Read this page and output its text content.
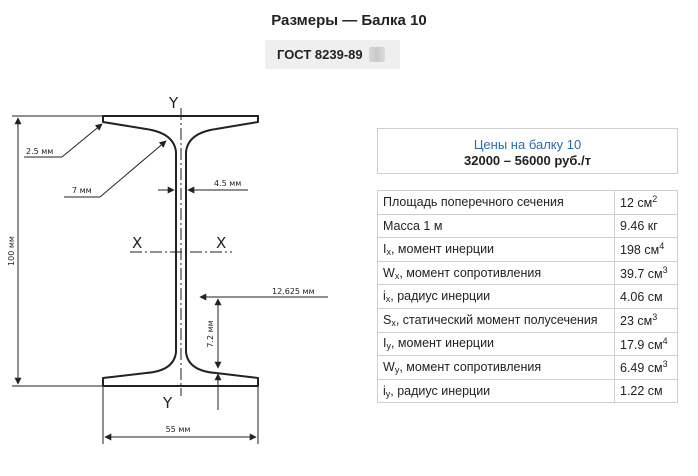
Размеры — Балка 10
ГОСТ 8239-89
Y
Y
X	X
100 мм
55 мм
2.5 мм
7 мм
4.5 мм
12.625 мм
7.2 мм
Цены на балку 10
32000 – 56000 руб./т
Площадь поперечного сечения	12 $см^2$
Масса 1 м	9.46 кг
$I_x$, момент инерции	198 $см^4$
$W_x$, момент сопротивления	39.7 $см^3$
$i_x$, радиус инерции	4.06 см
$S_x$, статический момент полусечения	23 $см^3$
$I_y$, момент инерции	17.9 $см^4$
$W_y$, момент сопротивления	6.49 $см^3$
$i_y$, радиус инерции	1.22 см
